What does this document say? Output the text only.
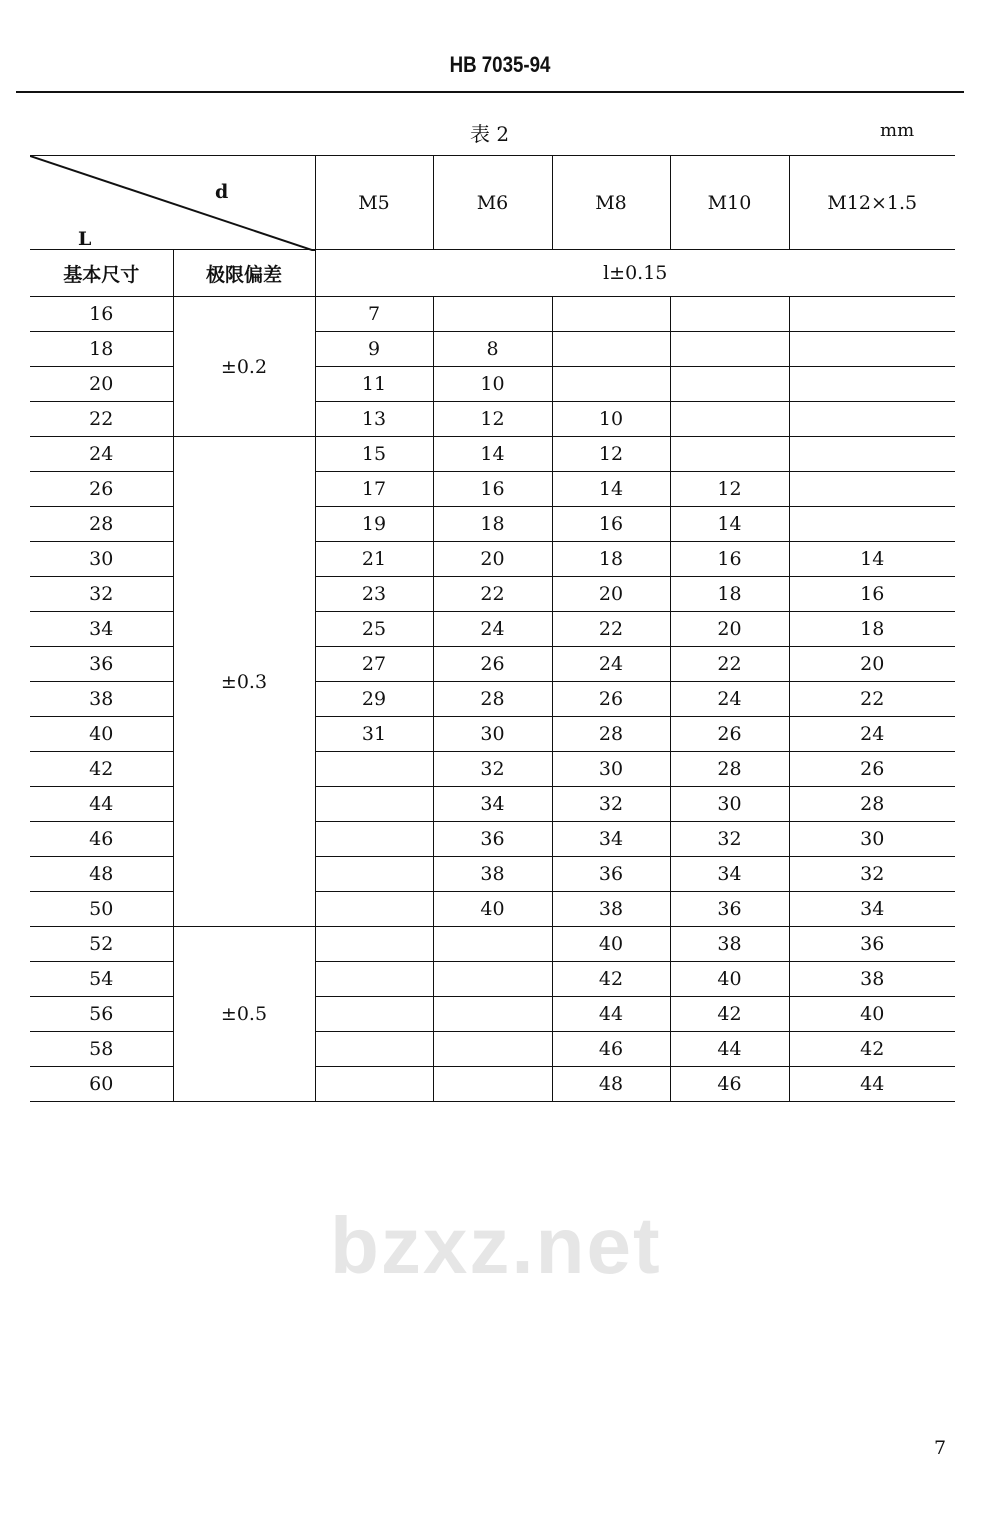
HB 7035-94
表 2	mm
d
L		M5	M6	M8	M10	M12×1.5
基本尺寸	极限偏差	l±0.15				
16	±0.2	7				
18		9	8			
20		11	10			
22		13	12	10		
24	±0.3	15	14	12		
26		17	16	14	12	
28		19	18	16	14	
30		21	20	18	16	14
32		23	22	20	18	16
34		25	24	22	20	18
36		27	26	24	22	20
38		29	28	26	24	22
40		31	30	28	26	24
42			32	30	28	26
44			34	32	30	28
46			36	34	32	30
48			38	36	34	32
50			40	38	36	34
52	±0.5			40	38	36
54				42	40	38
56				44	42	40
58				46	44	42
60				48	46	44
bzxz.net
7
